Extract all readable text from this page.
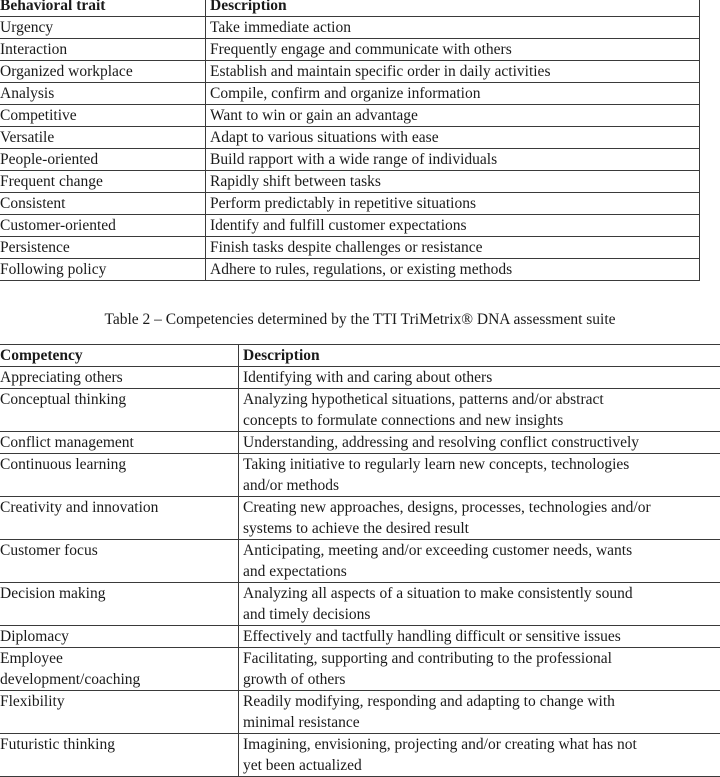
Behavioral trait	Description
Urgency	Take immediate action
Interaction	Frequently engage and communicate with others
Organized workplace	Establish and maintain specific order in daily activities
Analysis	Compile, confirm and organize information
Competitive	Want to win or gain an advantage
Versatile	Adapt to various situations with ease
People-oriented	Build rapport with a wide range of individuals
Frequent change	Rapidly shift between tasks
Consistent	Perform predictably in repetitive situations
Customer-oriented	Identify and fulfill customer expectations
Persistence	Finish tasks despite challenges or resistance
Following policy	Adhere to rules, regulations, or existing methods

Table 2 – Competencies determined by the TTI TriMetrix® DNA assessment suite

Competency	Description
Appreciating others	Identifying with and caring about others
Conceptual thinking	Analyzing hypothetical situations, patterns and/or abstract
concepts to formulate connections and new insights
Conflict management	Understanding, addressing and resolving conflict constructively
Continuous learning	Taking initiative to regularly learn new concepts, technologies
and/or methods
Creativity and innovation	Creating new approaches, designs, processes, technologies and/or
systems to achieve the desired result
Customer focus	Anticipating, meeting and/or exceeding customer needs, wants
and expectations
Decision making	Analyzing all aspects of a situation to make consistently sound
and timely decisions
Diplomacy	Effectively and tactfully handling difficult or sensitive issues
Employee
development/coaching	Facilitating, supporting and contributing to the professional
growth of others
Flexibility	Readily modifying, responding and adapting to change with
minimal resistance
Futuristic thinking	Imagining, envisioning, projecting and/or creating what has not
yet been actualized
